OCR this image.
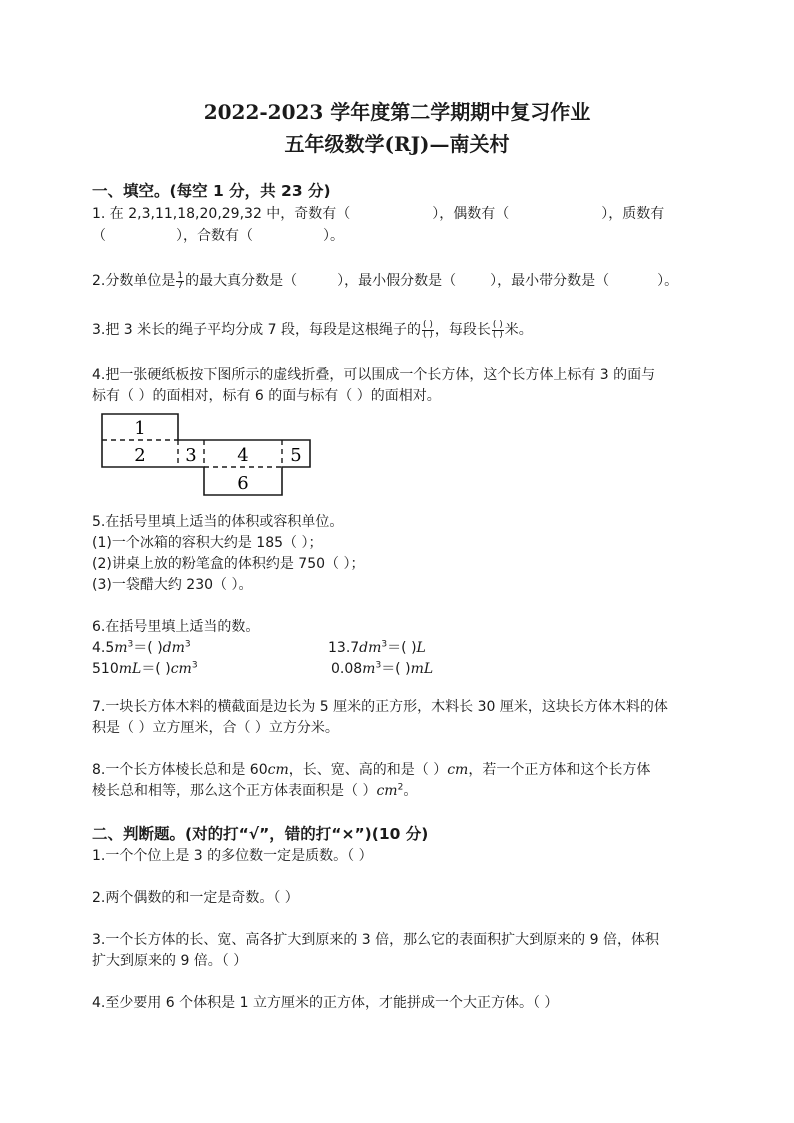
2022-2023 学年度第二学期期中复习作业
五年级数学(RJ)—南关村
一、填空。(每空 1 分，共 23 分)
1. 在 2,3,11,18,20,29,32 中，奇数有（	），偶数有（	），质数有
（	），合数有（	）。
2.分数单位是 $\frac{1}{7}$ 的最大真分数是（	），最小假分数是（ ），最小带分数是（	）。
3.把 3 米长的绳子平均分成 7 段，每段是这根绳子的 $\frac{( )}{( )}$ ，每段长 $\frac{( )}{( )}$ 米。
4.把一张硬纸板按下图所示的虚线折叠，可以围成一个长方体，这个长方体上标有 3 的面与
标有（ ）的面相对，标有 6 的面与标有（ ）的面相对。
1
2 3 4 5
6
5.在括号里填上适当的体积或容积单位。
(1)一个冰箱的容积大约是 185（ ）；
(2)讲桌上放的粉笔盒的体积约是 750（ ）；
(3)一袋醋大约 230（ ）。
6.在括号里填上适当的数。
$4.5m^3=$( )$dm^3$	$13.7dm^3=$( )L
510mL＝( )$cm^3$	$0.08m^3=$( )mL
7.一块长方体木料的横截面是边长为 5 厘米的正方形，木料长 30 厘米，这块长方体木料的体
积是（ ）立方厘米，合（ ）立方分米。
8.一个长方体棱长总和是 60cm，长、宽、高的和是（ ）cm，若一个正方体和这个长方体
棱长总和相等，那么这个正方体表面积是（ ）$cm^2$。
二、判断题。(对的打“√”，错的打“×”)(10 分)
1.一个个位上是 3 的多位数一定是质数。（ ）
2.两个偶数的和一定是奇数。（ ）
3.一个长方体的长、宽、高各扩大到原来的 3 倍，那么它的表面积扩大到原来的 9 倍，体积
扩大到原来的 9 倍。（ ）
4.至少要用 6 个体积是 1 立方厘米的正方体，才能拼成一个大正方体。（ ）
